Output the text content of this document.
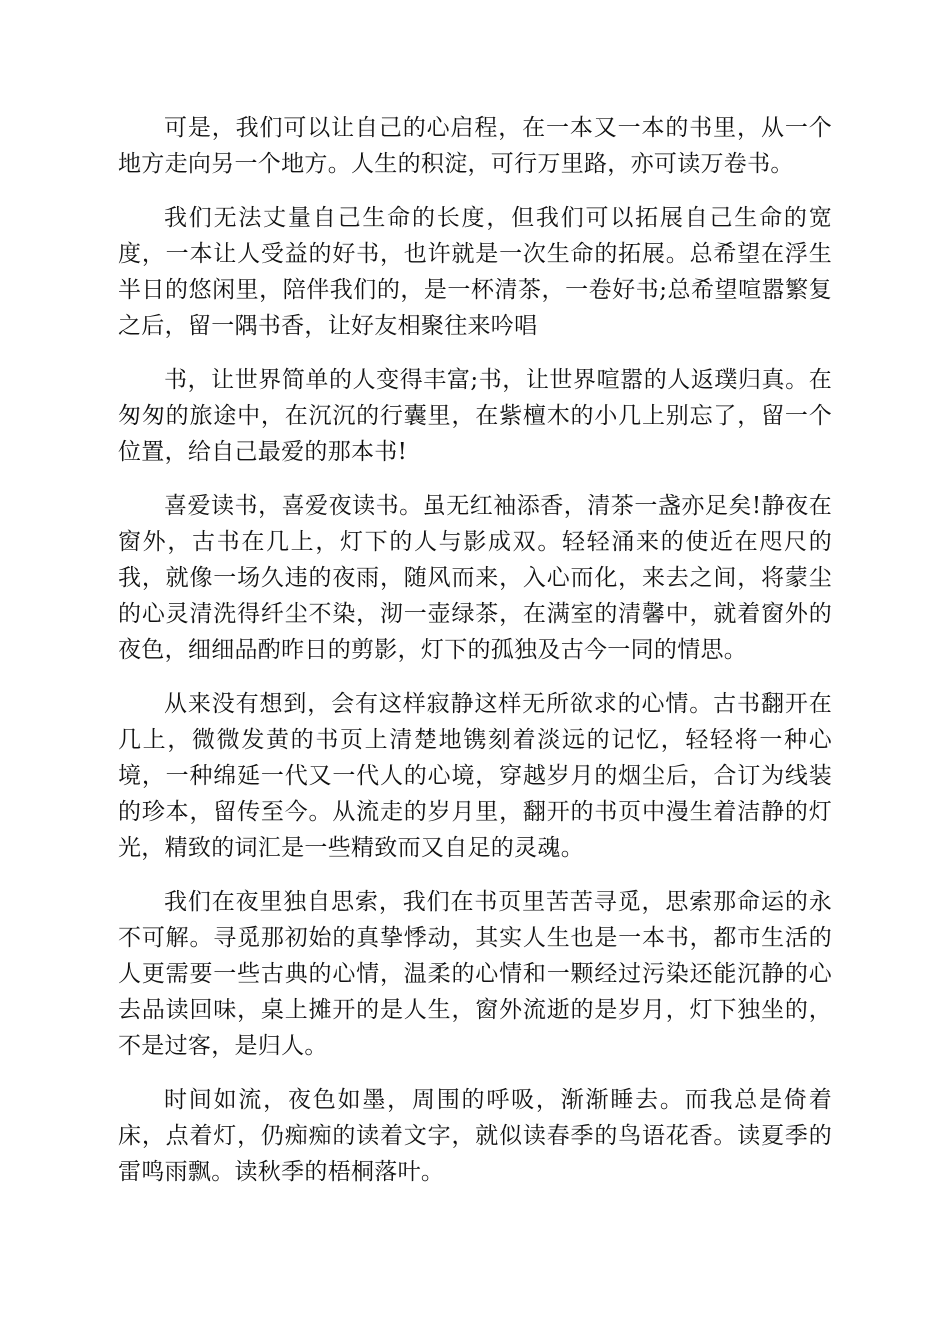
可是，我们可以让自己的心启程，在一本又一本的书里，从一个地方走向另一个地方。人生的积淀，可行万里路，亦可读万卷书。

我们无法丈量自己生命的长度，但我们可以拓展自己生命的宽度，一本让人受益的好书，也许就是一次生命的拓展。总希望在浮生半日的悠闲里，陪伴我们的，是一杯清茶，一卷好书;总希望喧嚣繁复之后，留一隅书香，让好友相聚往来吟唱

书，让世界简单的人变得丰富;书，让世界喧嚣的人返璞归真。在匆匆的旅途中，在沉沉的行囊里，在紫檀木的小几上别忘了，留一个位置，给自己最爱的那本书!

喜爱读书，喜爱夜读书。虽无红袖添香，清茶一盏亦足矣!静夜在窗外，古书在几上，灯下的人与影成双。轻轻涌来的使近在咫尺的我，就像一场久违的夜雨，随风而来，入心而化，来去之间，将蒙尘的心灵清洗得纤尘不染，沏一壶绿茶，在满室的清馨中，就着窗外的夜色，细细品酌昨日的剪影，灯下的孤独及古今一同的情思。

从来没有想到，会有这样寂静这样无所欲求的心情。古书翻开在几上，微微发黄的书页上清楚地镌刻着淡远的记忆，轻轻将一种心境，一种绵延一代又一代人的心境，穿越岁月的烟尘后，合订为线装的珍本，留传至今。从流走的岁月里，翻开的书页中漫生着洁静的灯光，精致的词汇是一些精致而又自足的灵魂。

我们在夜里独自思索，我们在书页里苦苦寻觅，思索那命运的永不可解。寻觅那初始的真挚悸动，其实人生也是一本书，都市生活的人更需要一些古典的心情，温柔的心情和一颗经过污染还能沉静的心去品读回味，桌上摊开的是人生，窗外流逝的是岁月，灯下独坐的，不是过客，是归人。

时间如流，夜色如墨，周围的呼吸，渐渐睡去。而我总是倚着床，点着灯，仍痴痴的读着文字，就似读春季的鸟语花香。读夏季的雷鸣雨飘。读秋季的梧桐落叶。
